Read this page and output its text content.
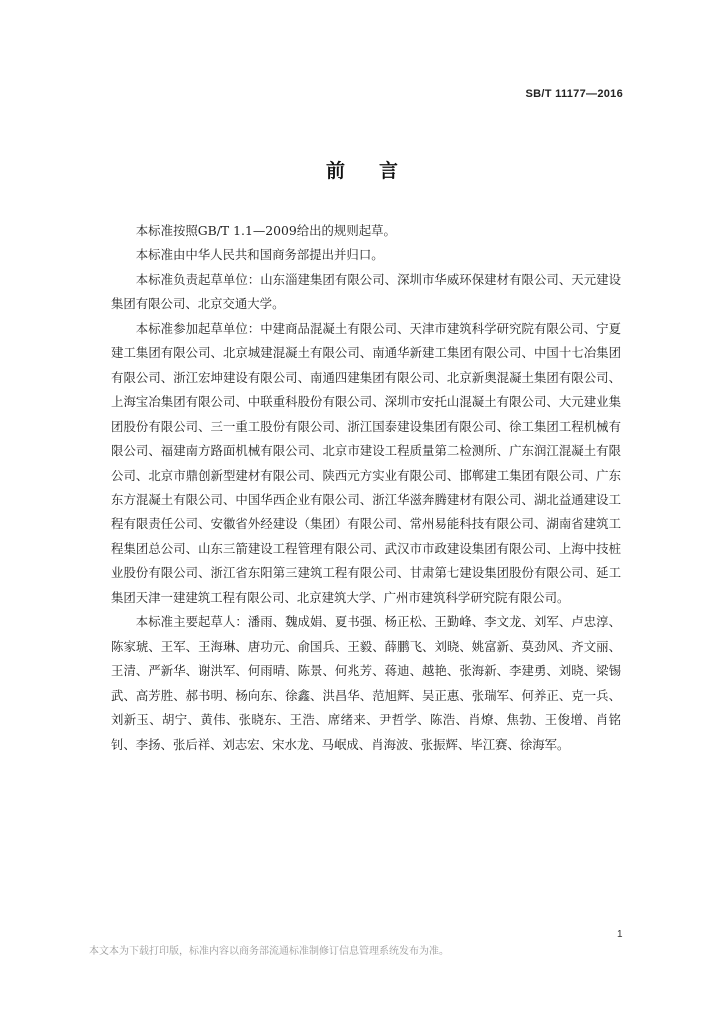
SB/T 11177—2016

前言

本标准按照GB/T 1.1—2009给出的规则起草。

本标准由中华人民共和国商务部提出并归口。

本标准负责起草单位：山东淄建集团有限公司、深圳市华威环保建材有限公司、天元建设集团有限公司、北京交通大学。

本标准参加起草单位：中建商品混凝土有限公司、天津市建筑科学研究院有限公司、宁夏建工集团有限公司、北京城建混凝土有限公司、南通华新建工集团有限公司、中国十七冶集团有限公司、浙江宏坤建设有限公司、南通四建集团有限公司、北京新奥混凝土集团有限公司、上海宝冶集团有限公司、中联重科股份有限公司、深圳市安托山混凝土有限公司、大元建业集团股份有限公司、三一重工股份有限公司、浙江国泰建设集团有限公司、徐工集团工程机械有限公司、福建南方路面机械有限公司、北京市建设工程质量第二检测所、广东润江混凝土有限公司、北京市鼎创新型建材有限公司、陕西元方实业有限公司、邯郸建工集团有限公司、广东东方混凝土有限公司、中国华西企业有限公司、浙江华滋奔腾建材有限公司、湖北益通建设工程有限责任公司、安徽省外经建设（集团）有限公司、常州易能科技有限公司、湖南省建筑工程集团总公司、山东三箭建设工程管理有限公司、武汉市市政建设集团有限公司、上海中技桩业股份有限公司、浙江省东阳第三建筑工程有限公司、甘肃第七建设集团股份有限公司、延工集团天津一建建筑工程有限公司、北京建筑大学、广州市建筑科学研究院有限公司。

本标准主要起草人：潘雨、魏成娟、夏书强、杨正松、王勤峰、李文龙、刘军、卢忠淳、陈家琥、王军、王海琳、唐功元、俞国兵、王毅、薛鹏飞、刘晓、姚富新、莫劲风、齐文丽、王清、严新华、谢洪军、何雨晴、陈景、何兆芳、蒋迪、越艳、张海新、李建勇、刘晓、梁锡武、高芳胜、郝书明、杨向东、徐鑫、洪昌华、范旭辉、吴正惠、张瑞军、何养正、克一兵、刘新玉、胡宁、黄伟、张晓东、王浩、席绪来、尹哲学、陈浩、肖燎、焦勃、王俊增、肖铭钊、李扬、张后祥、刘志宏、宋水龙、马岷成、肖海波、张振辉、毕江赛、徐海军。

1

本文本为下载打印版，标准内容以商务部流通标准制修订信息管理系统发布为准。
